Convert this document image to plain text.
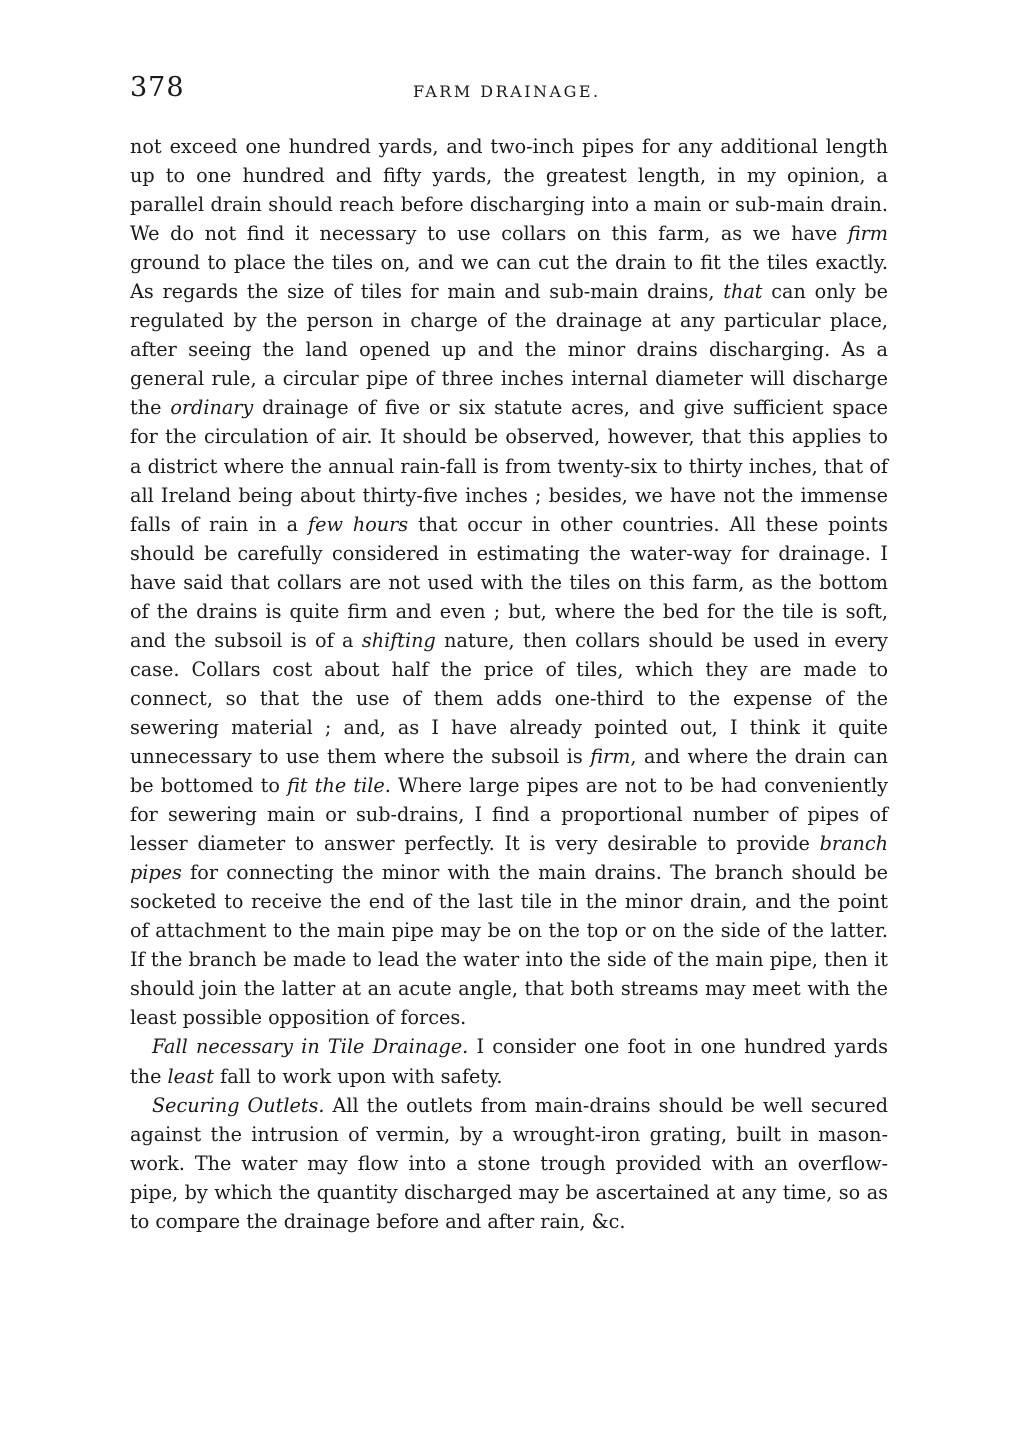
378	FARM DRAINAGE.

not exceed one hundred yards, and two-inch pipes for any additional length up to one hundred and fifty yards, the greatest length, in my opinion, a parallel drain should reach before discharging into a main or sub-main drain. We do not find it necessary to use collars on this farm, as we have firm ground to place the tiles on, and we can cut the drain to fit the tiles exactly. As regards the size of tiles for main and sub-main drains, that can only be regulated by the person in charge of the drainage at any particular place, after seeing the land opened up and the minor drains discharging. As a general rule, a circular pipe of three inches internal diameter will discharge the ordinary drainage of five or six statute acres, and give sufficient space for the circulation of air. It should be observed, however, that this applies to a district where the annual rain-fall is from twenty-six to thirty inches, that of all Ireland being about thirty-five inches ; besides, we have not the immense falls of rain in a few hours that occur in other countries. All these points should be carefully considered in estimating the water-way for drainage. I have said that collars are not used with the tiles on this farm, as the bottom of the drains is quite firm and even ; but, where the bed for the tile is soft, and the subsoil is of a shifting nature, then collars should be used in every case. Collars cost about half the price of tiles, which they are made to connect, so that the use of them adds one-third to the expense of the sewering material ; and, as I have already pointed out, I think it quite unnecessary to use them where the subsoil is firm, and where the drain can be bottomed to fit the tile. Where large pipes are not to be had conveniently for sewering main or sub-drains, I find a proportional number of pipes of lesser diameter to answer perfectly. It is very desirable to provide branch pipes for connecting the minor with the main drains. The branch should be socketed to receive the end of the last tile in the minor drain, and the point of attachment to the main pipe may be on the top or on the side of the latter. If the branch be made to lead the water into the side of the main pipe, then it should join the latter at an acute angle, that both streams may meet with the least possible opposition of forces.

Fall necessary in Tile Drainage. I consider one foot in one hundred yards the least fall to work upon with safety.

Securing Outlets. All the outlets from main-drains should be well secured against the intrusion of vermin, by a wrought-iron grating, built in mason-work. The water may flow into a stone trough provided with an overflow-pipe, by which the quantity discharged may be ascertained at any time, so as to compare the drainage before and after rain, &c.
